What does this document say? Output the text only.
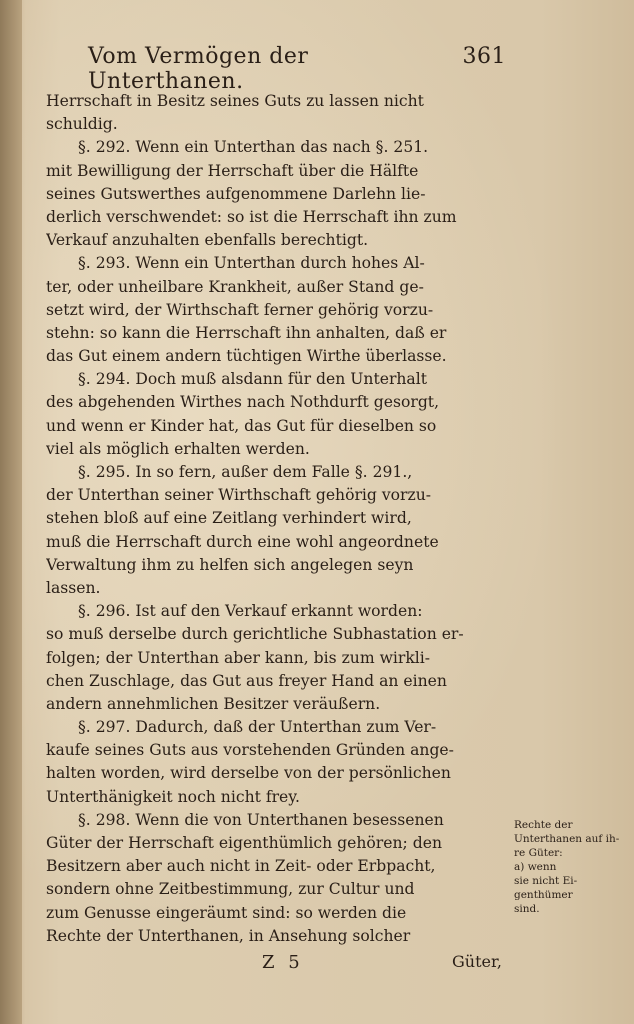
Vom Vermögen der Unterthanen.
361
Herrschaft in Besitz seines Guts zu lassen nicht
schuldig.
§. 292. Wenn ein Unterthan das nach §. 251.
mit Bewilligung der Herrschaft über die Hälfte
seines Gutswerthes aufgenommene Darlehn lie-
derlich verschwendet: so ist die Herrschaft ihn zum
Verkauf anzuhalten ebenfalls berechtigt.
§. 293. Wenn ein Unterthan durch hohes Al-
ter, oder unheilbare Krankheit, außer Stand ge-
setzt wird, der Wirthschaft ferner gehörig vorzu-
stehn: so kann die Herrschaft ihn anhalten, daß er
das Gut einem andern tüchtigen Wirthe überlasse.
§. 294. Doch muß alsdann für den Unterhalt
des abgehenden Wirthes nach Nothdurft gesorgt,
und wenn er Kinder hat, das Gut für dieselben so
viel als möglich erhalten werden.
§. 295. In so fern, außer dem Falle §. 291.,
der Unterthan seiner Wirthschaft gehörig vorzu-
stehen bloß auf eine Zeitlang verhindert wird,
muß die Herrschaft durch eine wohl angeordnete
Verwaltung ihm zu helfen sich angelegen seyn
lassen.
§. 296. Ist auf den Verkauf erkannt worden:
so muß derselbe durch gerichtliche Subhastation er-
folgen; der Unterthan aber kann, bis zum wirkli-
chen Zuschlage, das Gut aus freyer Hand an einen
andern annehmlichen Besitzer veräußern.
§. 297. Dadurch, daß der Unterthan zum Ver-
kaufe seines Guts aus vorstehenden Gründen ange-
halten worden, wird derselbe von der persönlichen
Unterthänigkeit noch nicht frey.
§. 298. Wenn die von Unterthanen besessenen
Güter der Herrschaft eigenthümlich gehören; den
Besitzern aber auch nicht in Zeit- oder Erbpacht,
sondern ohne Zeitbestimmung, zur Cultur und
zum Genusse eingeräumt sind: so werden die
Rechte der Unterthanen, in Ansehung solcher
Rechte der
Unterthanen auf ih-
re Güter:
a) wenn
sie nicht Ei-
genthümer
sind.
Z 5	Güter,
